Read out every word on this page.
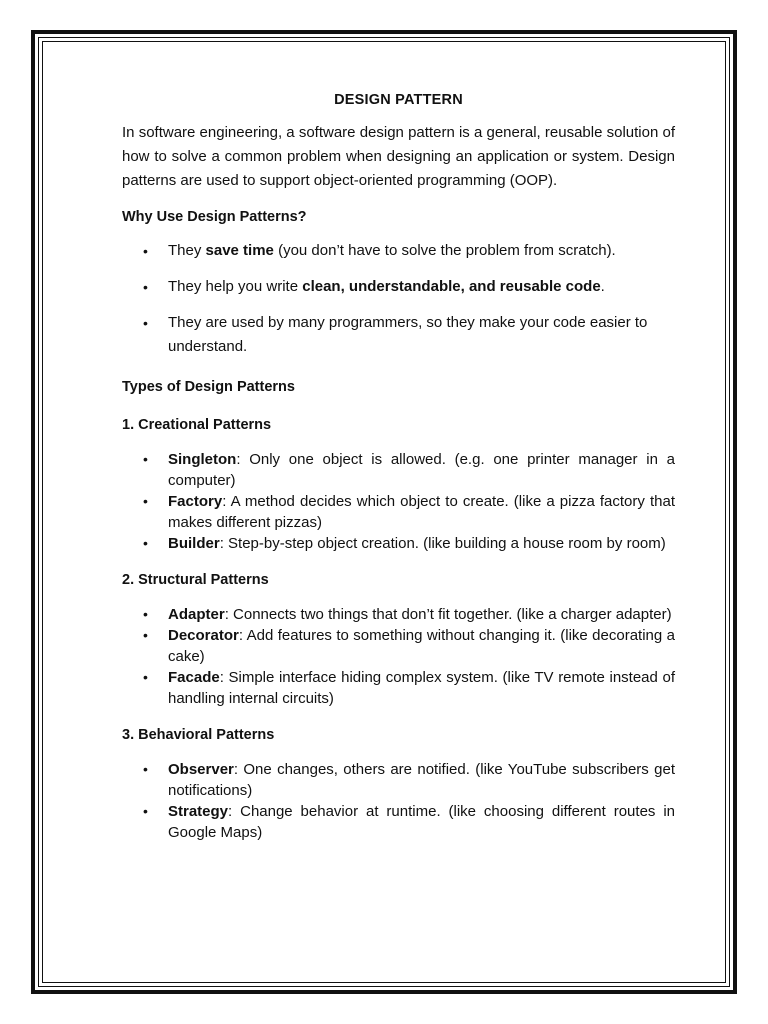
DESIGN PATTERN

In software engineering, a software design pattern is a general, reusable solution of how to solve a common problem when designing an application or system. Design patterns are used to support object-oriented programming (OOP).

Why Use Design Patterns?
• They save time (you don’t have to solve the problem from scratch).
• They help you write clean, understandable, and reusable code.
• They are used by many programmers, so they make your code easier to understand.
Types of Design Patterns
1. Creational Patterns
• Singleton: Only one object is allowed. (e.g. one printer manager in a computer)
• Factory: A method decides which object to create. (like a pizza factory that makes different pizzas)
• Builder: Step-by-step object creation. (like building a house room by room)
2. Structural Patterns
• Adapter: Connects two things that don’t fit together. (like a charger adapter)
• Decorator: Add features to something without changing it. (like decorating a cake)
• Facade: Simple interface hiding complex system. (like TV remote instead of handling internal circuits)
3. Behavioral Patterns
• Observer: One changes, others are notified. (like YouTube subscribers get notifications)
• Strategy: Change behavior at runtime. (like choosing different routes in Google Maps)
